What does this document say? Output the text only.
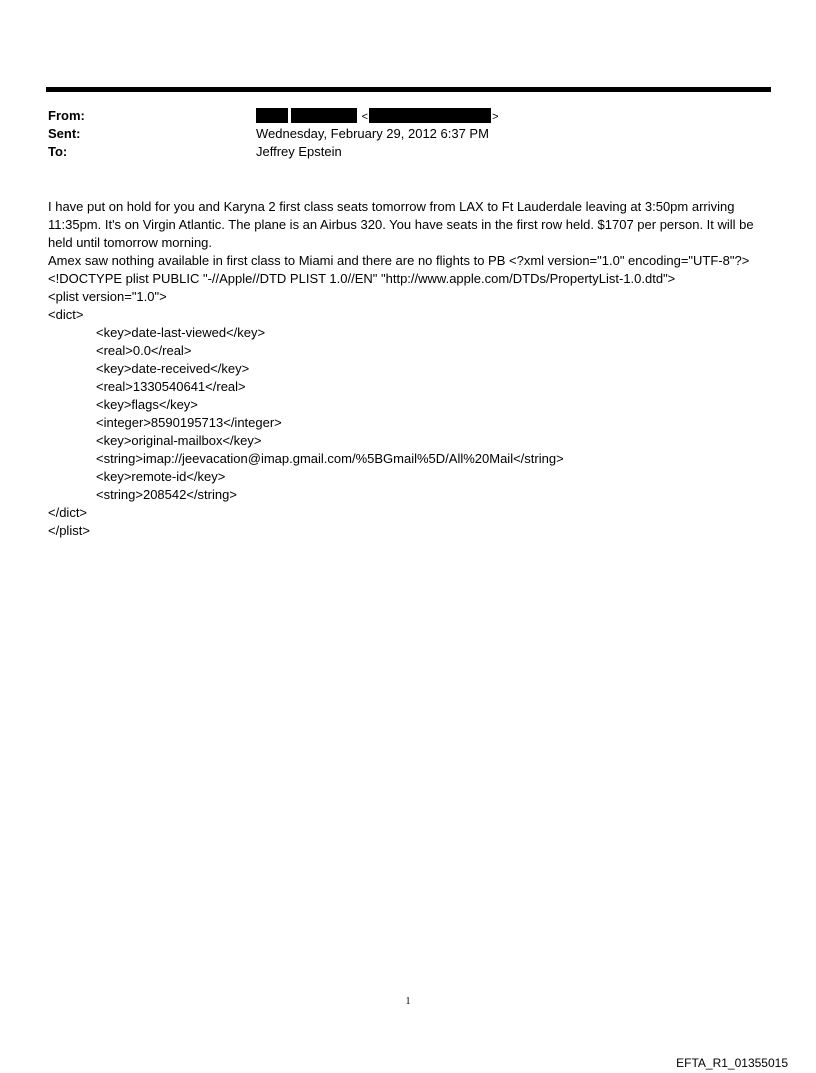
From:	<	>
Sent:	Wednesday, February 29, 2012 6:37 PM
To:	Jeffrey Epstein

I have put on hold for you and Karyna 2 first class seats tomorrow from LAX to Ft Lauderdale leaving at 3:50pm arriving 11:35pm. It's on Virgin Atlantic. The plane is an Airbus 320. You have seats in the first row held. $1707 per person. It will be held until tomorrow morning.

Amex saw nothing available in first class to Miami and there are no flights to PB <?xml version="1.0" encoding="UTF-8"?> <!DOCTYPE plist PUBLIC "-//Apple//DTD PLIST 1.0//EN" "http://www.apple.com/DTDs/PropertyList-1.0.dtd">

<plist version="1.0">

<dict>

<key>date-last-viewed</key>

<real>0.0</real>

<key>date-received</key>

<real>1330540641</real>

<key>flags</key>

<integer>8590195713</integer>

<key>original-mailbox</key>

<string>imap://jeevacation@imap.gmail.com/%5BGmail%5D/All%20Mail</string>

<key>remote-id</key>

<string>208542</string>

</dict>

</plist>

1
EFTA_R1_01355015
